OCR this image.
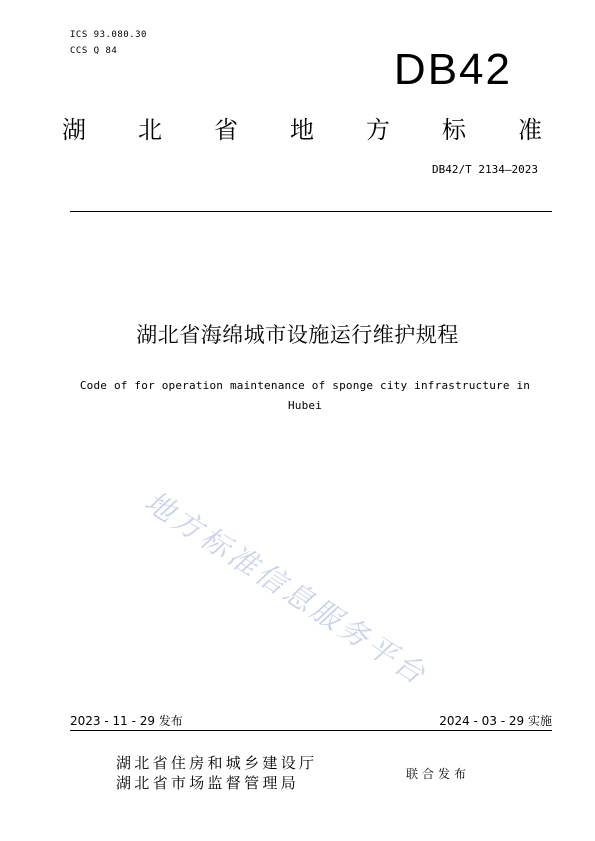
ICS 93.080.30
CCS Q 84	DB42
湖 北 省 地 方 标 准
DB42/T 2134—2023
湖北省海绵城市设施运行维护规程
Code of for operation maintenance of sponge city infrastructure in
Hubei
地方标准信息服务平台
2023 - 11 - 29 发布	2024 - 03 - 29 实施
湖北省住房和城乡建设厅
湖北省市场监督管理局	联合发布
